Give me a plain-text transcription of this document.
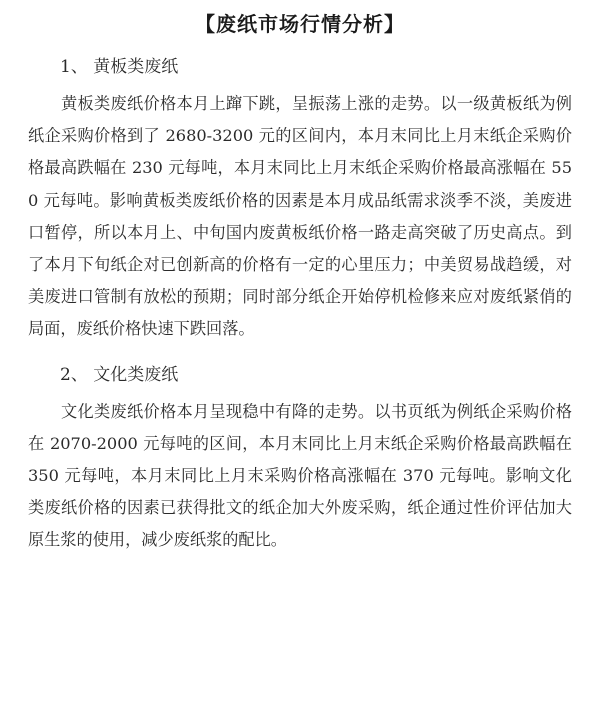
【废纸市场行情分析】
1、 黄板类废纸

黄板类废纸价格本月上蹿下跳，呈振荡上涨的走势。以一级黄板纸为例纸企采购价格到了 2680-3200 元的区间内，本月末同比上月末纸企采购价格最高跌幅在 230 元每吨，本月末同比上月末纸企采购价格最高涨幅在 550 元每吨。影响黄板类废纸价格的因素是本月成品纸需求淡季不淡，美废进口暂停，所以本月上、中旬国内废黄板纸价格一路走高突破了历史高点。到了本月下旬纸企对已创新高的价格有一定的心里压力；中美贸易战趋缓，对美废进口管制有放松的预期；同时部分纸企开始停机检修来应对废纸紧俏的局面，废纸价格快速下跌回落。

2、 文化类废纸

文化类废纸价格本月呈现稳中有降的走势。以书页纸为例纸企采购价格在 2070-2000 元每吨的区间，本月末同比上月末纸企采购价格最高跌幅在 350 元每吨，本月末同比上月末采购价格高涨幅在 370 元每吨。影响文化类废纸价格的因素已获得批文的纸企加大外废采购，纸企通过性价评估加大原生浆的使用，减少废纸浆的配比。
